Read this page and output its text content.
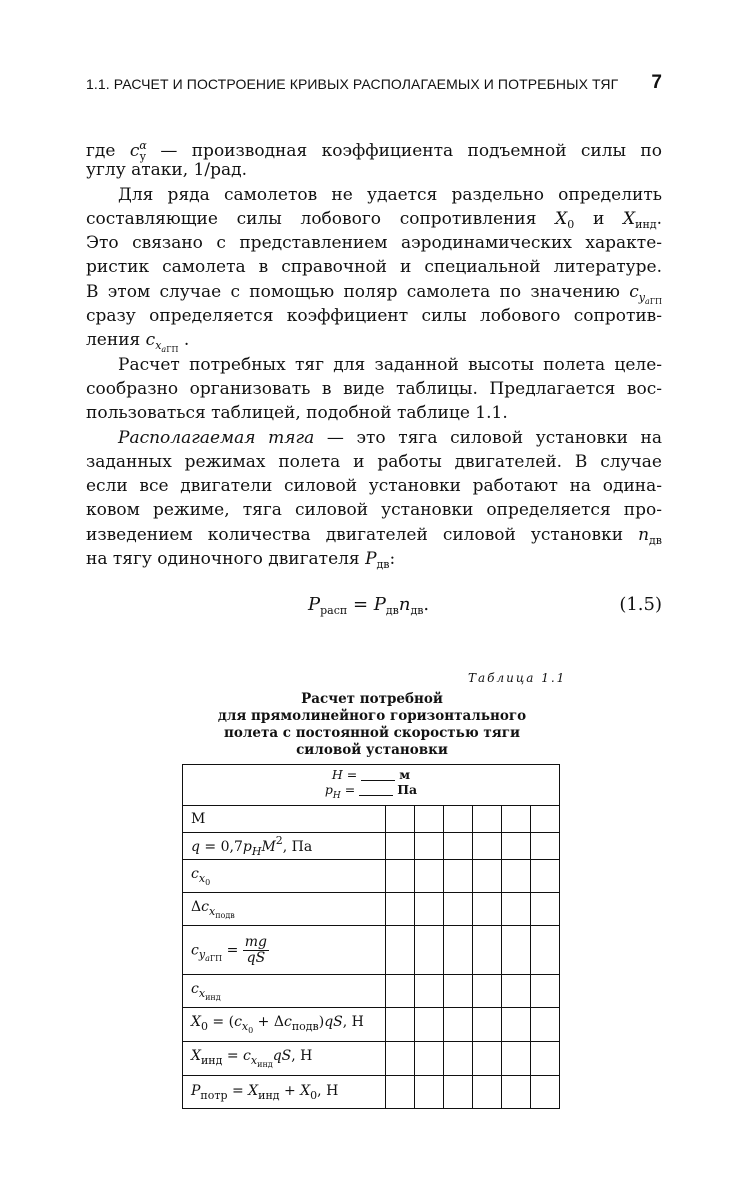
1.1. РАСЧЕТ И ПОСТРОЕНИЕ КРИВЫХ РАСПОЛАГАЕМЫХ И ПОТРЕБНЫХ ТЯГ 7
где $c^\alpha_y$ — производная коэффициента подъемной силы по
углу атаки, 1/рад.
Для ряда самолетов не удается раздельно определить
составляющие силы лобового сопротивления $X_0$ и $X_{инд}$.
Это связано с представлением аэродинамических характе-
ристик самолета в справочной и специальной литературе.
В этом случае с помощью поляр самолета по значению $c_{y_{aГП}}$
сразу определяется коэффициент силы лобового сопротив-
ления $c_{x_{aГП}}$ .
Расчет потребных тяг для заданной высоты полета целе-
сообразно организовать в виде таблицы. Предлагается вос-
пользоваться таблицей, подобной таблице 1.1.
Располагаемая тяга — это тяга силовой установки на
заданных режимах полета и работы двигателей. В случае
если все двигатели силовой установки работают на одина-
ковом режиме, тяга силовой установки определяется про-
изведением количества двигателей силовой установки $n_{дв}$
на тягу одиночного двигателя $P_{дв}$:
$P_{расп} = P_{дв}n_{дв}$.	(1.5)
Таблица 1.1
Расчет потребной
для прямолинейного горизонтального
полета с постоянной скоростью тяги
силовой установки
H = м
$p_H$ = Па						

М						
$q = 0,7p_HM^2$, Па						
$c_{x_0}$						
$\Delta c_{x_{подв}}$						
$c_{y_{aГП}} = \frac{mg}{qS}$

$c_{x_{инд}}$						
$X_0 = (c_{x_0} + \Delta c_{подв})qS$, Н						
$X_{инд} = c_{x_{инд}}qS$, Н						
$P_{потр} = X_{инд} + X_0$, Н						
